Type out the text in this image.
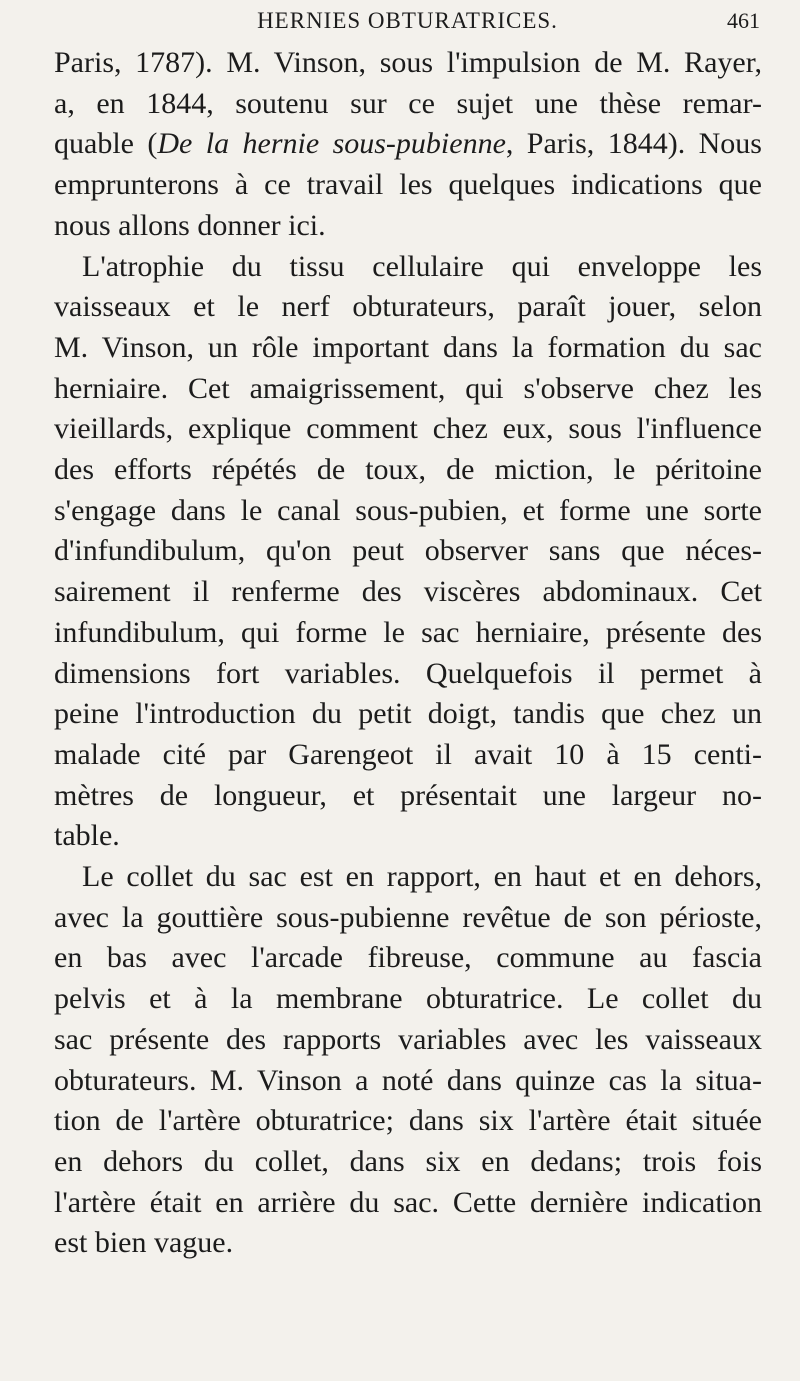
HERNIES OBTURATRICES.	461
Paris, 1787). M. Vinson, sous l'impulsion de M. Rayer,
a, en 1844, soutenu sur ce sujet une thèse remar-
quable (De la hernie sous-pubienne, Paris, 1844). Nous
emprunterons à ce travail les quelques indications que
nous allons donner ici.
L'atrophie du tissu cellulaire qui enveloppe les
vaisseaux et le nerf obturateurs, paraît jouer, selon
M. Vinson, un rôle important dans la formation du sac
herniaire. Cet amaigrissement, qui s'observe chez les
vieillards, explique comment chez eux, sous l'influence
des efforts répétés de toux, de miction, le péritoine
s'engage dans le canal sous-pubien, et forme une sorte
d'infundibulum, qu'on peut observer sans que néces-
sairement il renferme des viscères abdominaux. Cet
infundibulum, qui forme le sac herniaire, présente des
dimensions fort variables. Quelquefois il permet à
peine l'introduction du petit doigt, tandis que chez un
malade cité par Garengeot il avait 10 à 15 centi-
mètres de longueur, et présentait une largeur no-
table.
Le collet du sac est en rapport, en haut et en dehors,
avec la gouttière sous-pubienne revêtue de son périoste,
en bas avec l'arcade fibreuse, commune au fascia
pelvis et à la membrane obturatrice. Le collet du
sac présente des rapports variables avec les vaisseaux
obturateurs. M. Vinson a noté dans quinze cas la situa-
tion de l'artère obturatrice; dans six l'artère était située
en dehors du collet, dans six en dedans; trois fois
l'artère était en arrière du sac. Cette dernière indication
est bien vague.
